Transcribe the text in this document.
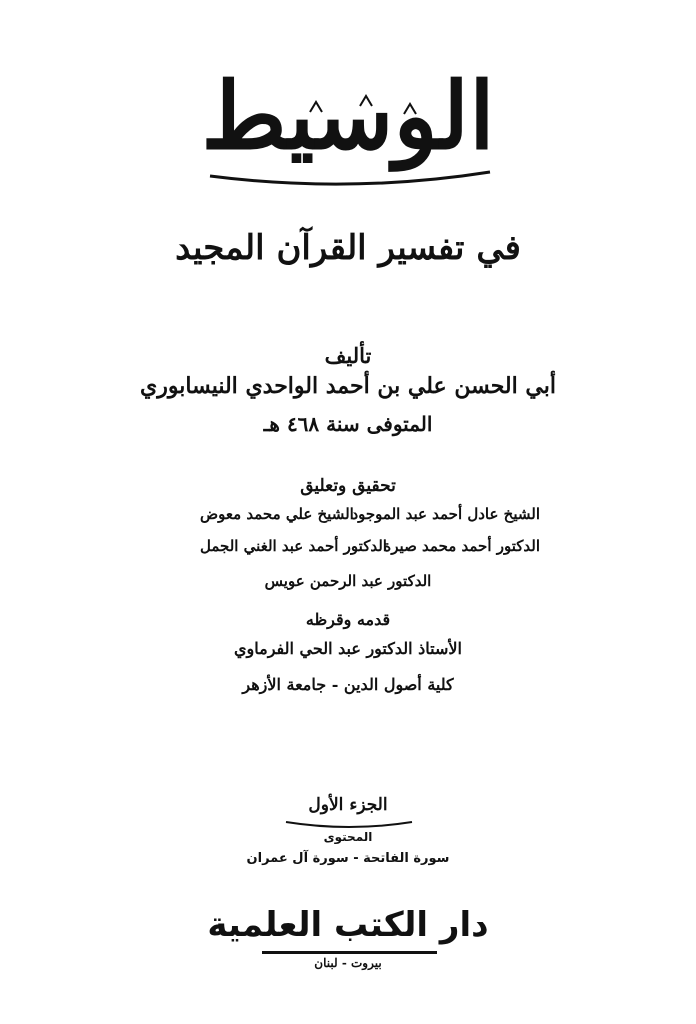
الوسيط
في تفسير القرآن المجيد
تأليف
أبي الحسن علي بن أحمد الواحدي النيسابوري
المتوفى سنة ٤٦٨ هـ
تحقيق وتعليق
الشيخ عادل أحمد عبد الموجود
الشيخ علي محمد معوض
الدكتور أحمد محمد صيرة
الدكتور أحمد عبد الغني الجمل
الدكتور عبد الرحمن عويس
قدمه وقرظه
الأستاذ الدكتور عبد الحي الفرماوي
كلية أصول الدين - جامعة الأزهر
الجزء الأول
المحتوى
سورة الفاتحة - سورة آل عمران
دار الكتب العلمية
بيروت - لبنان
